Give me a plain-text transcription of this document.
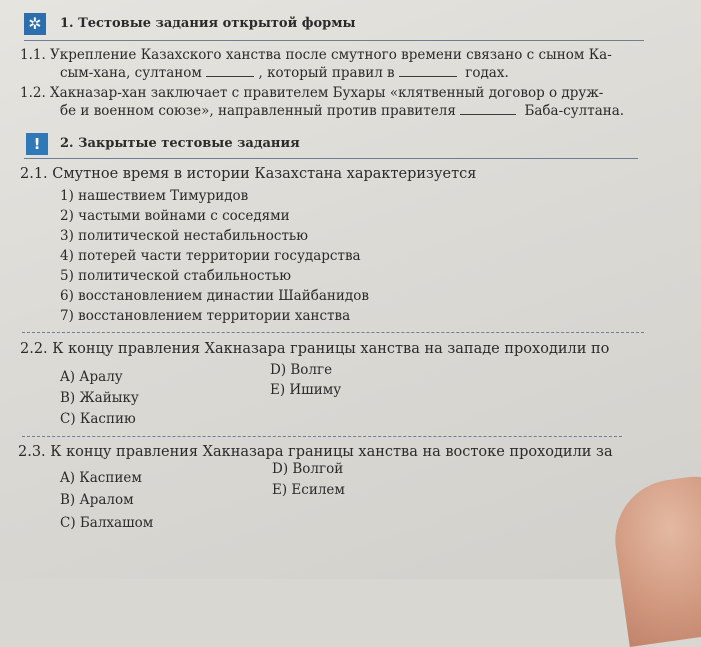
✲	1. Тестовые задания открытой формы
1.1. Укрепление Казахского ханства после смутного времени связано с сыном Ка-
сым-хана, султаном	, который правил в	годах.
1.2. Хакназар-хан заключает с правителем Бухары «клятвенный договор о друж-
бе и военном союзе», направленный против правителя	Баба-султана.
!	2. Закрытые тестовые задания
2.1. Смутное время в истории Казахстана характеризуется
1) нашествием Тимуридов
2) частыми войнами с соседями
3) политической нестабильностью
4) потерей части территории государства
5) политической стабильностью
6) восстановлением династии Шайбанидов
7) восстановлением территории ханства
2.2. К концу правления Хакназара границы ханства на западе проходили по
A) Аралу
B) Жайыку
C) Каспию
D) Волге
E) Ишиму
2.3. К концу правления Хакназара границы ханства на востоке проходили за
A) Каспием
B) Аралом
C) Балхашом
D) Волгой
E) Есилем
